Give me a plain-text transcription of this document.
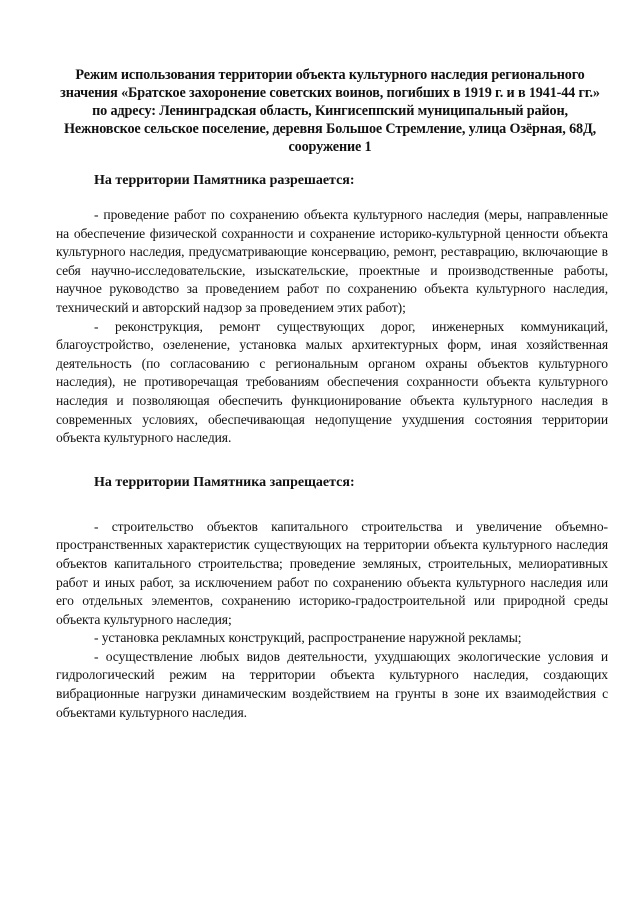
Режим использования территории объекта культурного наследия регионального значения «Братское захоронение советских воинов, погибших в 1919 г. и в 1941-44 гг.» по адресу: Ленинградская область, Кингисеппский муниципальный район, Нежновское сельское поселение, деревня Большое Стремление, улица Озёрная, 68Д, сооружение 1

На территории Памятника разрешается:

- проведение работ по сохранению объекта культурного наследия (меры, направленные на обеспечение физической сохранности и сохранение историко-культурной ценности объекта культурного наследия, предусматривающие консервацию, ремонт, реставрацию, включающие в себя научно-исследовательские, изыскательские, проектные и производственные работы, научное руководство за проведением работ по сохранению объекта культурного наследия, технический и авторский надзор за проведением этих работ);
- реконструкция, ремонт существующих дорог, инженерных коммуникаций, благоустройство, озеленение, установка малых архитектурных форм, иная хозяйственная деятельность (по согласованию с региональным органом охраны объектов культурного наследия), не противоречащая требованиям обеспечения сохранности объекта культурного наследия и позволяющая обеспечить функционирование объекта культурного наследия в современных условиях, обеспечивающая недопущение ухудшения состояния территории объекта культурного наследия.

На территории Памятника запрещается:

- строительство объектов капитального строительства и увеличение объемно-пространственных характеристик существующих на территории объекта культурного наследия объектов капитального строительства; проведение земляных, строительных, мелиоративных работ и иных работ, за исключением работ по сохранению объекта культурного наследия или его отдельных элементов, сохранению историко-градостроительной или природной среды объекта культурного наследия;
- установка рекламных конструкций, распространение наружной рекламы;
- осуществление любых видов деятельности, ухудшающих экологические условия и гидрологический режим на территории объекта культурного наследия, создающих вибрационные нагрузки динамическим воздействием на грунты в зоне их взаимодействия с объектами культурного наследия.
